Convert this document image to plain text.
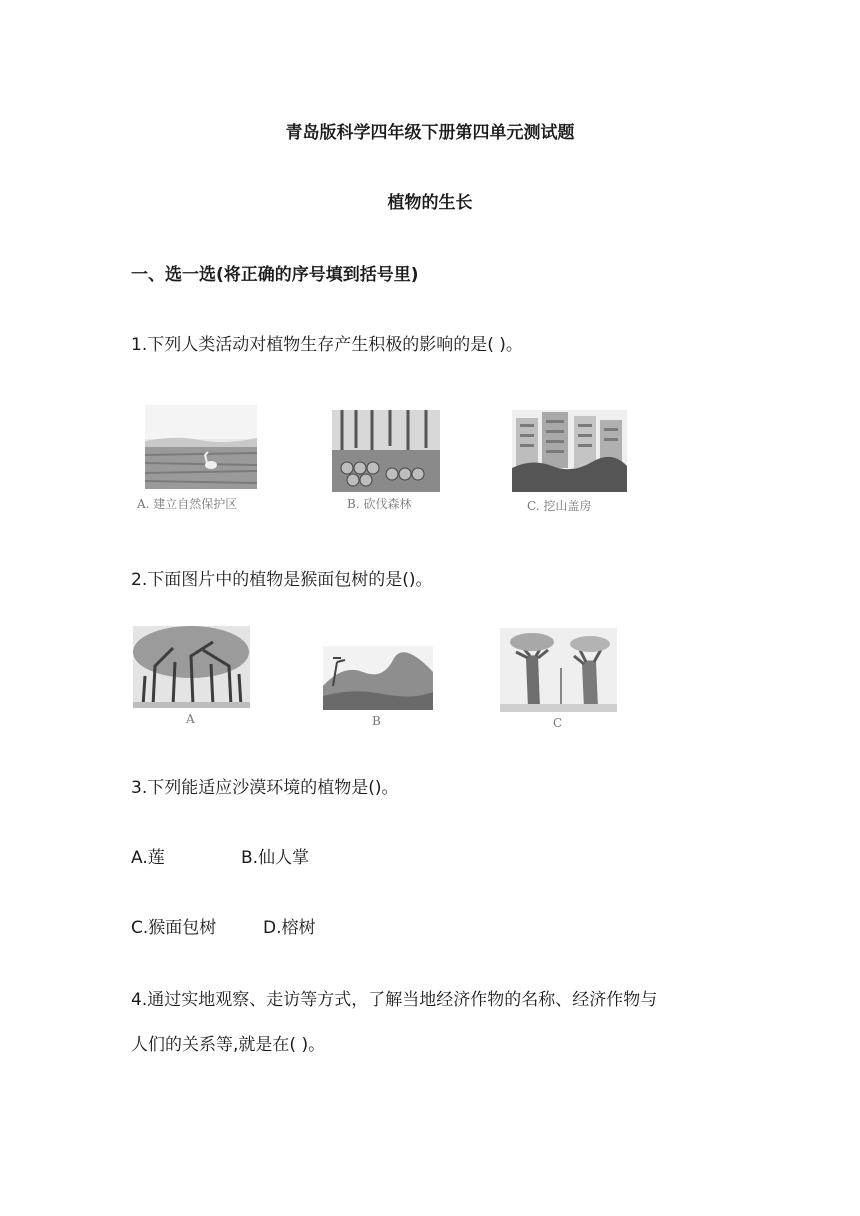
青岛版科学四年级下册第四单元测试题
植物的生长
一、选一选(将正确的序号填到括号里)
1.下列人类活动对植物生存产生积极的影响的是( )。
A. 建立自然保护区	B. 砍伐森林	C. 挖山盖房
2.下面图片中的植物是猴面包树的是()。
A	B	C
3.下列能适应沙漠环境的植物是()。
A.莲	B.仙人掌
C.猴面包树	D.榕树
4.通过实地观察、走访等方式，了解当地经济作物的名称、经济作物与
人们的关系等,就是在( )。
